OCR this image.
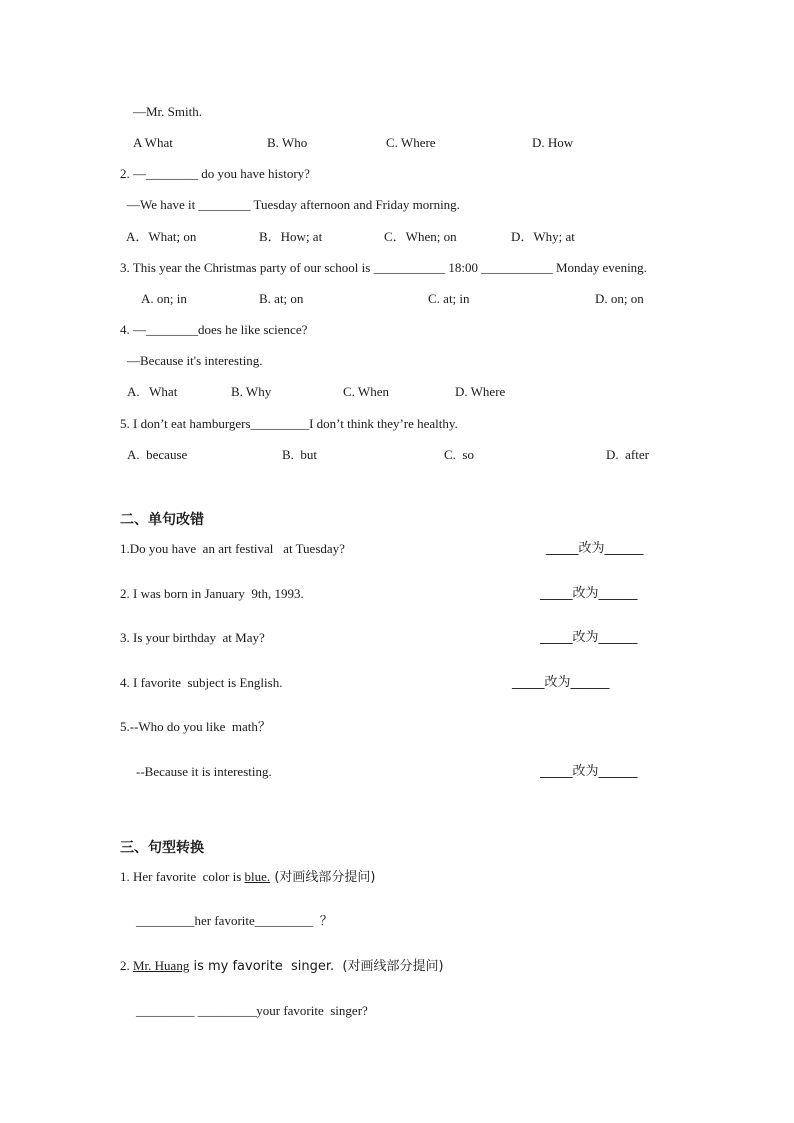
—Mr. Smith.
A What	B. Who	C. Where	D. How
2. —________ do you have history?
—We have it ________ Tuesday afternoon and Friday morning.
A．What; on	B．How; at	C．When; on	D．Why; at
3. This year the Christmas party of our school is ___________ 18:00 ___________ Monday evening.
A. on; in	B. at; on	C. at; in	D. on; on
4. —________does he like science?
—Because it's interesting.
A.   What	B. Why	C. When	D. Where
5. I don’t eat hamburgers_________I don’t think they’re healthy.
A.  because	B.  but	C.  so	D.  after
二、单句改错
1.Do you have  an art festival   at Tuesday?	_____改为______
2. I was born in January  9th, 1993.	_____改为______
3. Is your birthday  at May?	_____改为______
4. I favorite  subject is English.	_____改为______
5.--Who do you like  math？
--Because it is interesting.	_____改为______
三、句型转换
1. Her favorite  color is blue. (对画线部分提问)
_________her favorite_________  ？
2. Mr. Huang is my favorite  singer.  (对画线部分提问)
_________ _________your favorite  singer?
